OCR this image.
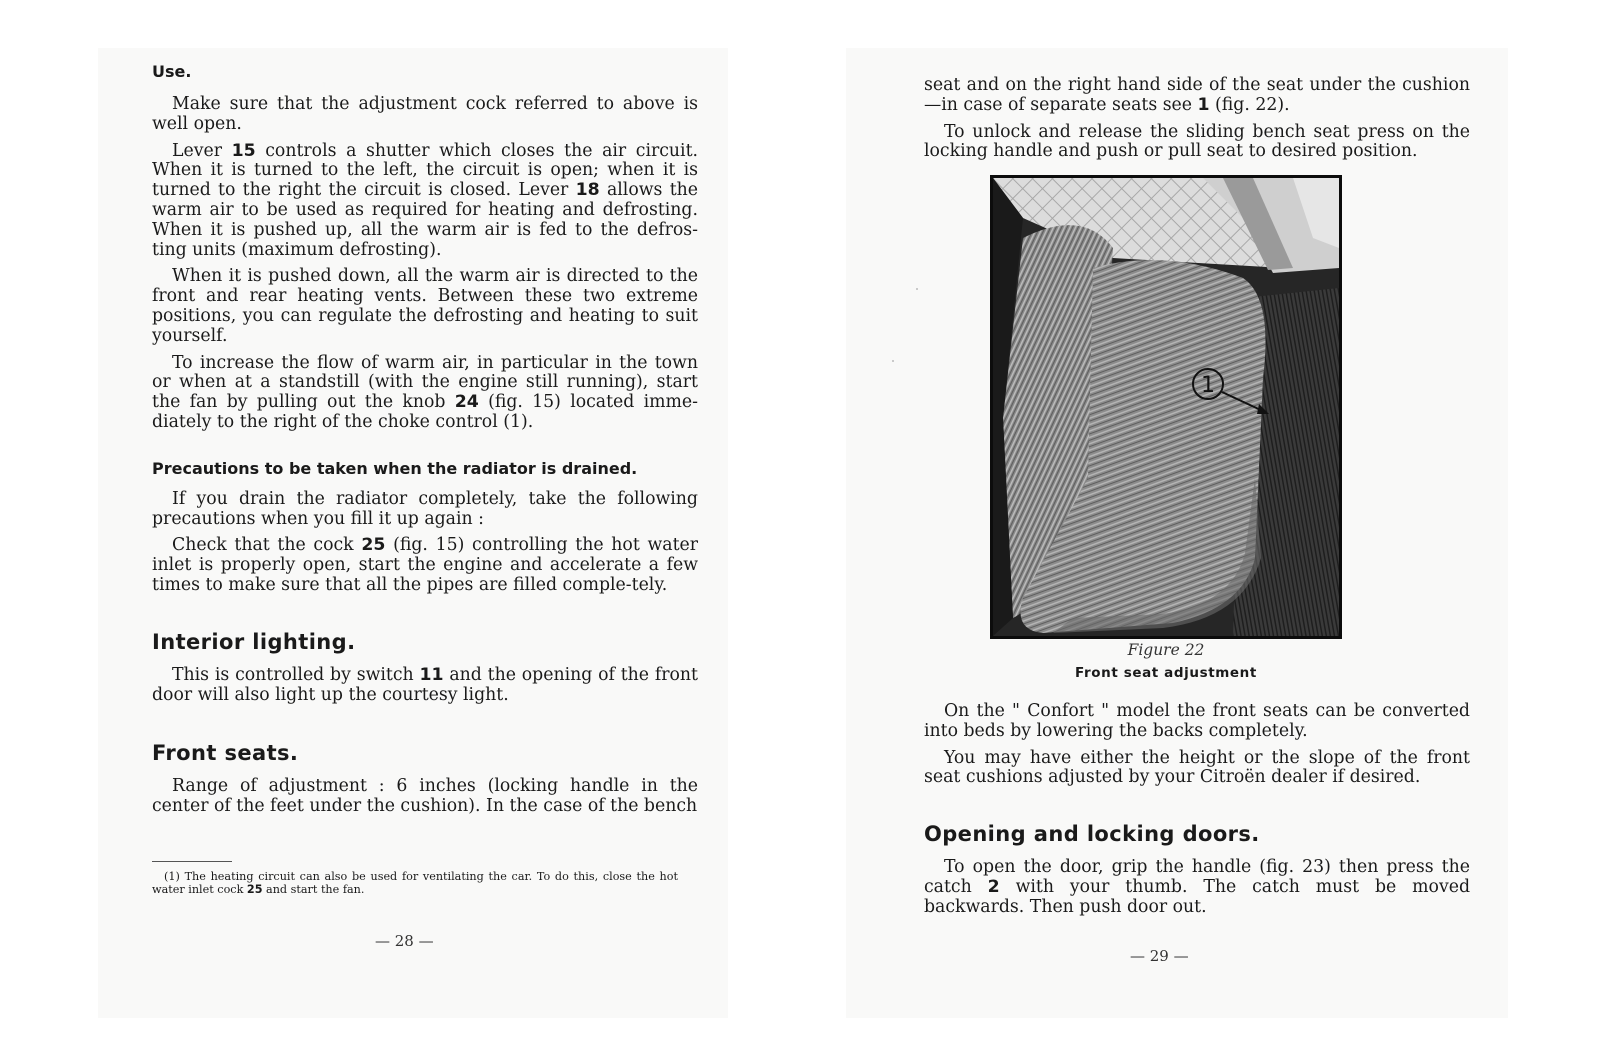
Use.

Make sure that the adjustment cock referred to above is well open.

Lever 15 controls a shutter which closes the air circuit. When it is turned to the left, the circuit is open; when it is turned to the right the circuit is closed. Lever 18 allows the warm air to be used as required for heating and defrosting. When it is pushed up, all the warm air is fed to the defros-ting units (maximum defrosting).

When it is pushed down, all the warm air is directed to the front and rear heating vents. Between these two extreme positions, you can regulate the defrosting and heating to suit yourself.

To increase the flow of warm air, in particular in the town or when at a standstill (with the engine still running), start the fan by pulling out the knob 24 (fig. 15) located imme-diately to the right of the choke control (1).

Precautions to be taken when the radiator is drained.

If you drain the radiator completely, take the following precautions when you fill it up again :

Check that the cock 25 (fig. 15) controlling the hot water inlet is properly open, start the engine and accelerate a few times to make sure that all the pipes are filled comple-tely.

Interior lighting.

This is controlled by switch 11 and the opening of the front door will also light up the courtesy light.

Front seats.

Range of adjustment : 6 inches (locking handle in the center of the feet under the cushion). In the case of the bench

(1) The heating circuit can also be used for ventilating the car. To do this, close the hot water inlet cock 25 and start the fan.
— 28 —

seat and on the right hand side of the seat under the cushion —in case of separate seats see 1 (fig. 22).

To unlock and release the sliding bench seat press on the locking handle and push or pull seat to desired position.

1
Figure 22
Front seat adjustment

On the " Confort " model the front seats can be converted into beds by lowering the backs completely.

You may have either the height or the slope of the front seat cushions adjusted by your Citroën dealer if desired.

Opening and locking doors.

To open the door, grip the handle (fig. 23) then press the catch 2 with your thumb. The catch must be moved backwards. Then push door out.

— 29 —
